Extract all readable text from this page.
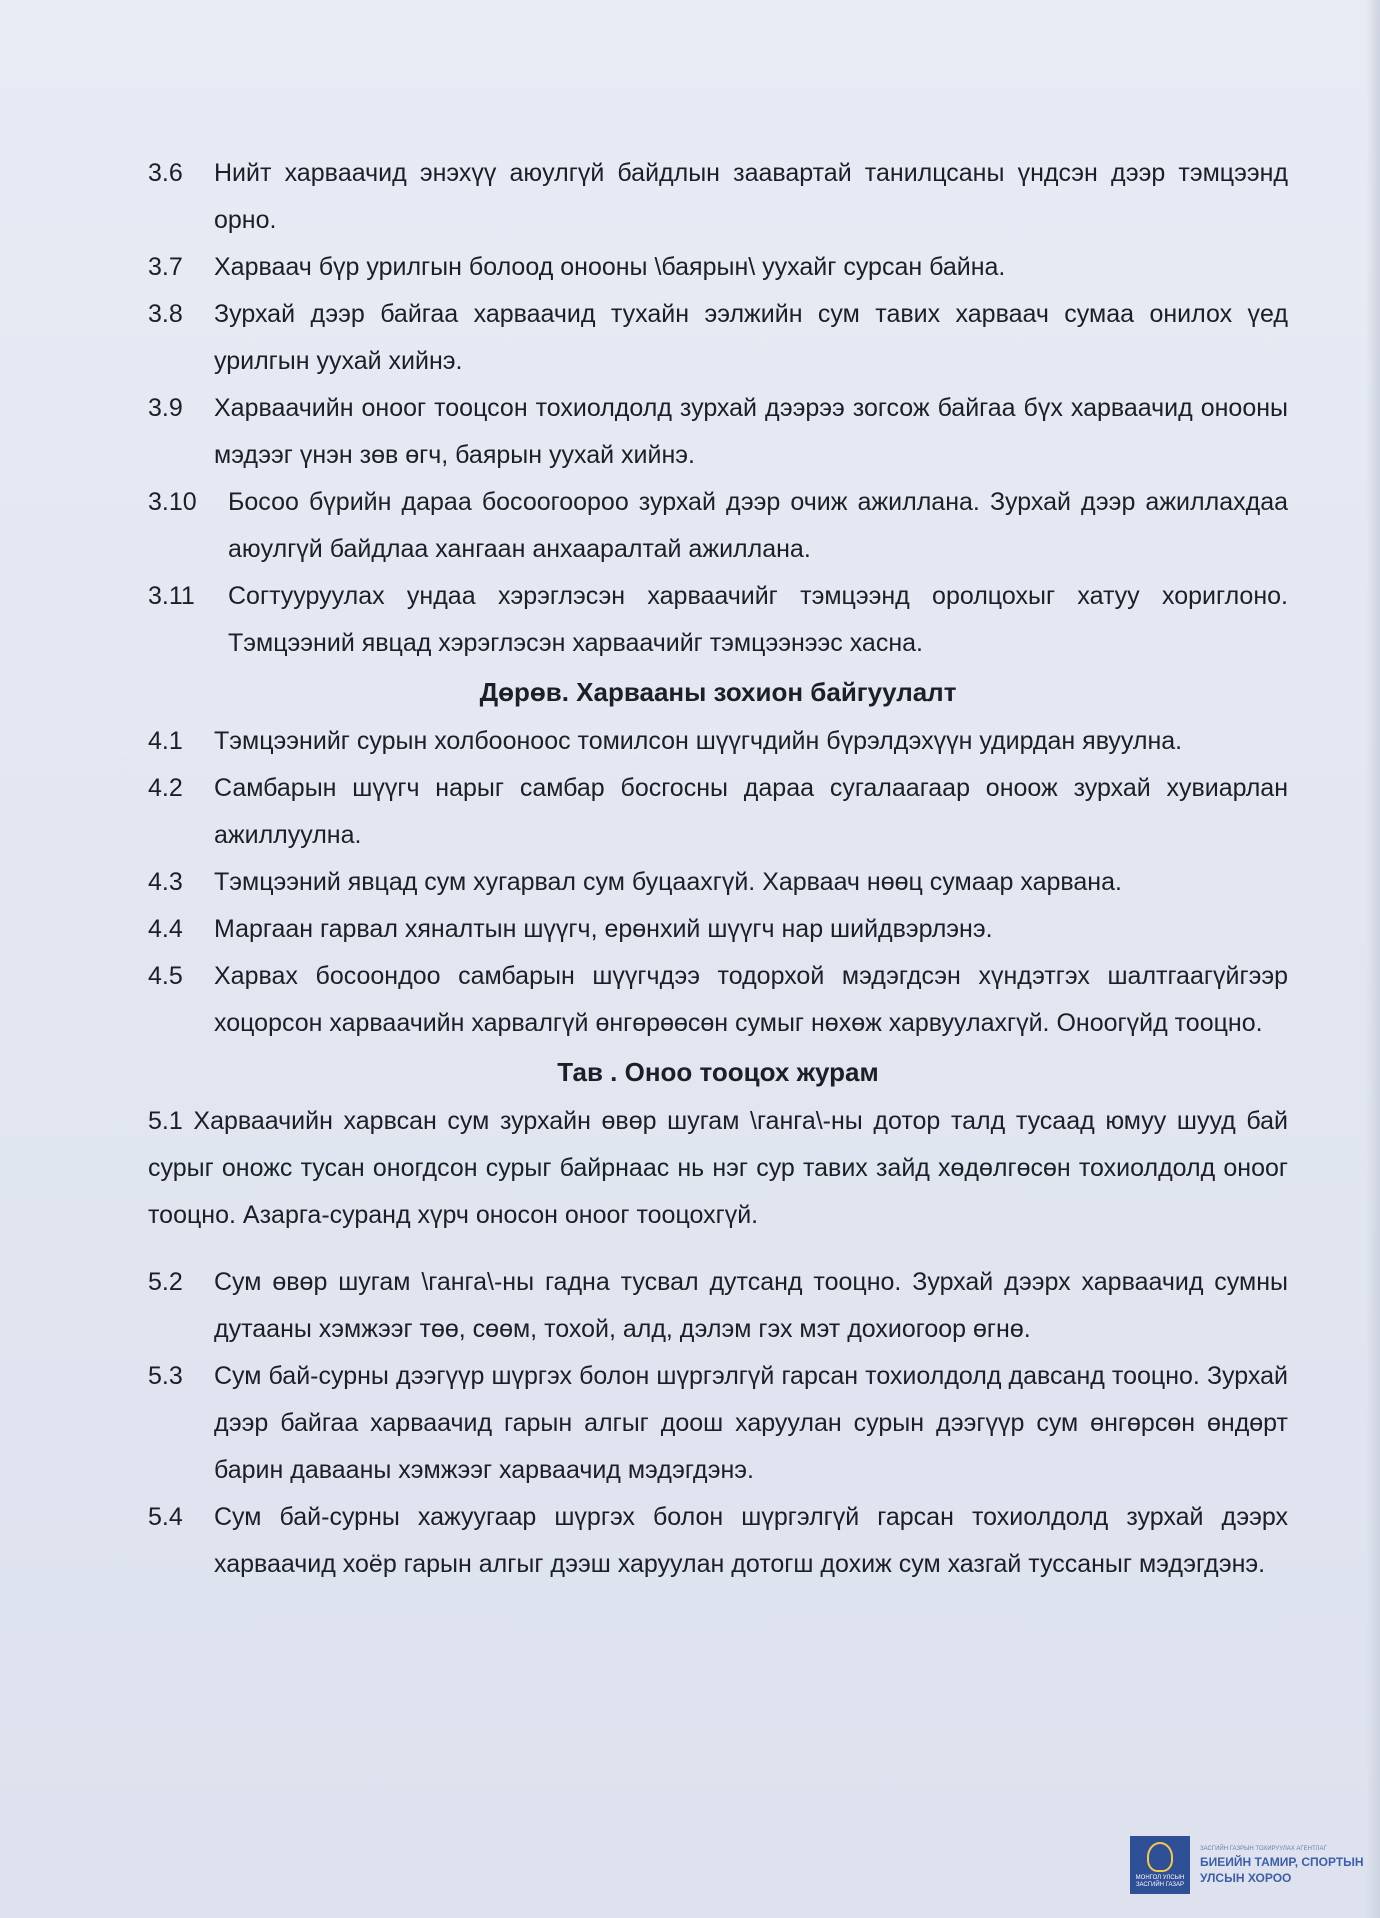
3.6 Нийт харвaачид энэхүү аюулгүй байдлын заавартай танилцсаны үндсэн дээр тэмцээнд орно.
3.7 Харваач бүр урилгын болоод онооны \баярын\ уухайг сурсан байна.
3.8 Зурхай дээр байгаа харваачид тухайн ээлжийн сум тавих харваач сумаа онилох үед урилгын уухай хийнэ.
3.9 Харваачийн оноог тооцсон тохиолдолд зурхай дээрээ зогсож байгаа бүх харваачид онооны мэдээг үнэн зөв өгч, баярын уухай хийнэ.
3.10 Босоо бүрийн дараа босоогоороо зурхай дээр очиж ажиллана. Зурхай дээр ажиллахдаа аюулгүй байдлаа хангаан анхааралтай ажиллана.
3.11 Согтууруулах ундаа хэрэглэсэн харваачийг тэмцээнд оролцохыг хатуу хориглоно. Тэмцээний явцад хэрэглэсэн харваачийг тэмцээнээс хасна.
Дөрөв. Харвааны зохион байгуулалт
4.1 Тэмцээнийг сурын холбооноос томилсон шүүгчдийн бүрэлдэхүүн удирдан явуулна.
4.2 Самбарын шүүгч нарыг самбар босгосны дараа сугалаагаар оноож зурхай хувиарлан ажиллуулна.
4.3 Тэмцээний явцад сум хугарвал сум буцаахгүй. Харваач нөөц сумаар харвана.
4.4 Маргаан гарвал хяналтын шүүгч, ерөнхий шүүгч нар шийдвэрлэнэ.
4.5 Харвах босоондоо самбарын шүүгчдээ тодорхой мэдэгдсэн хүндэтгэх шалтгаагүйгээр хоцорсон харваачийн харвалгүй өнгөрөөсөн сумыг нөхөж харвуулахгүй. Оноогүйд тооцно.
Тав . Оноо тооцох журам
5.1 Харваачийн харвсан сум зурхайн өвөр шугам \ганга\-ны дотор талд тусаад юмуу шууд бай сурыг оножс тусан оногдсон сурыг байрнаас нь нэг сур тавих зайд хөдөлгөсөн тохиолдолд оноог тооцно. Азарга-суранд хүрч оносон оноог тооцохгүй.
5.2 Сум өвөр шугам \ганга\-ны гадна тусвал дутсанд тооцно. Зурхай дээрх харваачид сумны дутааны хэмжээг төө, сөөм, тохой, алд, дэлэм гэх мэт дохиогоор өгнө.
5.3 Сум бай-сурны дээгүүр шүргэх болон шүргэлгүй гарсан тохиолдолд давсанд тооцно. Зурхай дээр байгаа харваачид гарын алгыг доош харуулан сурын дээгүүр сум өнгөрсөн өндөрт барин давааны хэмжээг харваачид мэдэгдэнэ.
5.4 Сум бай-сурны хажуугаар шүргэх болон шүргэлгүй гарсан тохиолдолд зурхай дээрх харваачид хоёр гарын алгыг дээш харуулан дотогш дохиж сум хазгай туссаныг мэдэгдэнэ.
МОНГОЛ УЛСЫН ЗАСГИЙН ГАЗАР
ЗАСГИЙН ГАЗРЫН ТОХИРУУЛАХ АГЕНТЛАГ
БИЕИЙН ТАМИР, СПОРТЫН
УЛСЫН ХОРОО
